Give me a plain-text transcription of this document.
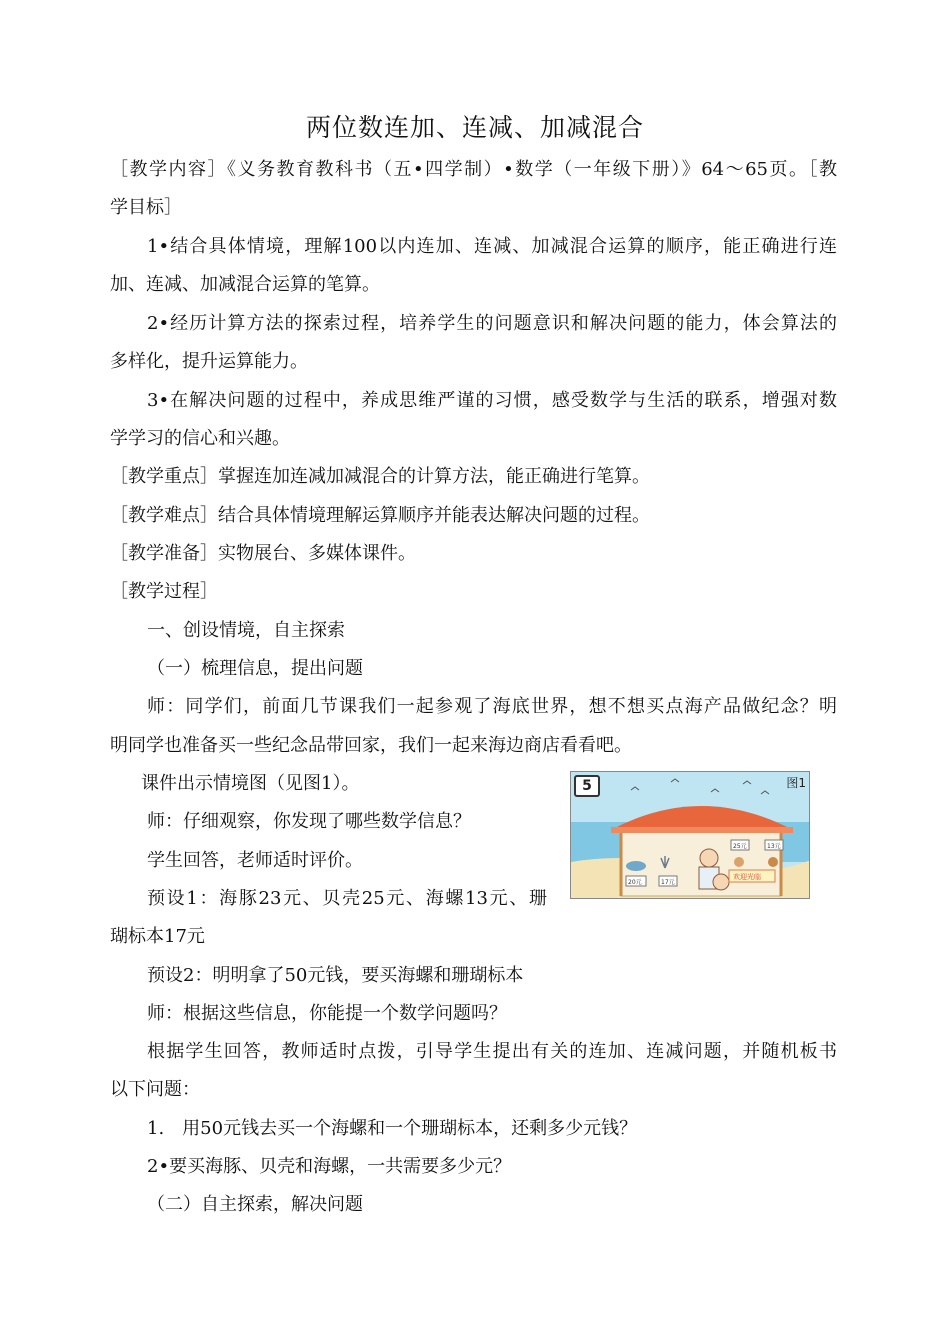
两位数连加、连减、加减混合
［教学内容］《义务教育教科书（五•四学制）•数学（一年级下册）》64～65页。［教
学目标］
1•结合具体情境，理解100以内连加、连减、加减混合运算的顺序，能正确进行连
加、连减、加减混合运算的笔算。
2•经历计算方法的探索过程，培养学生的问题意识和解决问题的能力，体会算法的
多样化，提升运算能力。
3•在解决问题的过程中，养成思维严谨的习惯，感受数学与生活的联系，增强对数
学学习的信心和兴趣。
［教学重点］掌握连加连减加减混合的计算方法，能正确进行笔算。
［教学难点］结合具体情境理解运算顺序并能表达解决问题的过程。
［教学准备］实物展台、多媒体课件。
［教学过程］
一、创设情境，自主探索
（一）梳理信息，提出问题
师：同学们，前面几节课我们一起参观了海底世界，想不想买点海产品做纪念？明
明同学也准备买一些纪念品带回家，我们一起来海边商店看看吧。
课件出示情境图（见图1）。
师：仔细观察，你发现了哪些数学信息？
学生回答，老师适时评价。
预设1：海豚23元、贝壳25元、海螺13元、珊
瑚标本17元
20元	17元
25元	13元
欢迎光临
5	图1
预设2：明明拿了50元钱，要买海螺和珊瑚标本
师：根据这些信息，你能提一个数学问题吗？
根据学生回答，教师适时点拨，引导学生提出有关的连加、连减问题，并随机板书
以下问题：
1.　用50元钱去买一个海螺和一个珊瑚标本，还剩多少元钱？
2•要买海豚、贝壳和海螺，一共需要多少元？
（二）自主探索，解决问题
